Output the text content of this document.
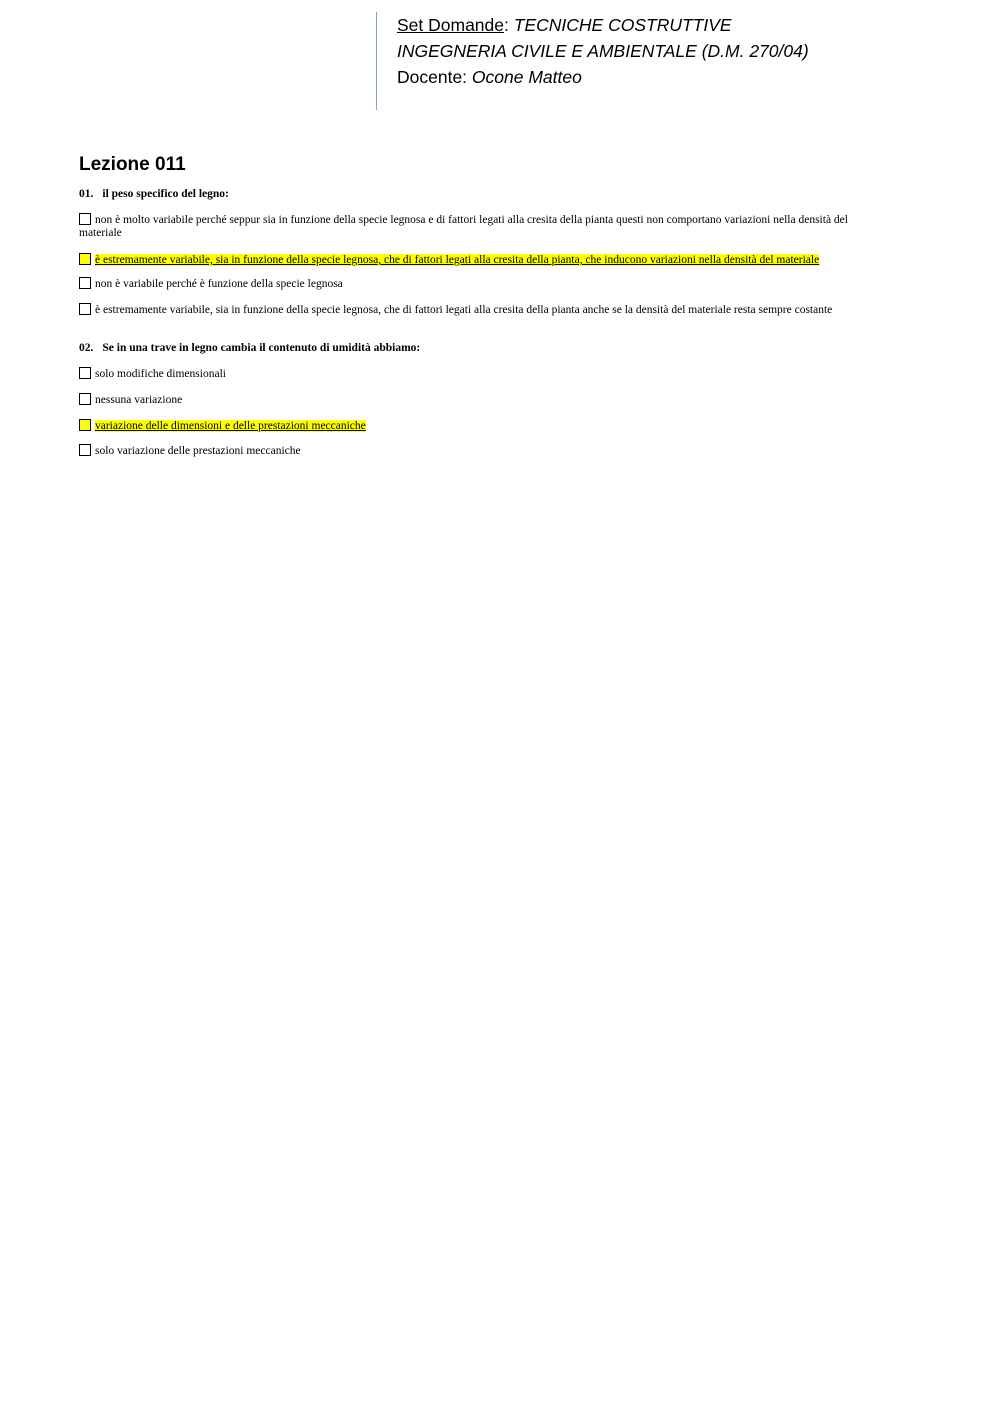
Set Domande: TECNICHE COSTRUTTIVE
INGEGNERIA CIVILE E AMBIENTALE (D.M. 270/04)
Docente: Ocone Matteo
Lezione 011
01. il peso specifico del legno:
non è molto variabile perché seppur sia in funzione della specie legnosa e di fattori legati alla cresita della pianta questi non comportano variazioni nella densità del materiale
è estremamente variabile, sia in funzione della specie legnosa, che di fattori legati alla cresita della pianta, che inducono variazioni nella densità del materiale
non è variabile perché è funzione della specie legnosa
è estremamente variabile, sia in funzione della specie legnosa, che di fattori legati alla cresita della pianta anche se la densità del materiale resta sempre costante
02. Se in una trave in legno cambia il contenuto di umidità abbiamo:
solo modifiche dimensionali
nessuna variazione
variazione delle dimensioni e delle prestazioni meccaniche
solo variazione delle prestazioni meccaniche
